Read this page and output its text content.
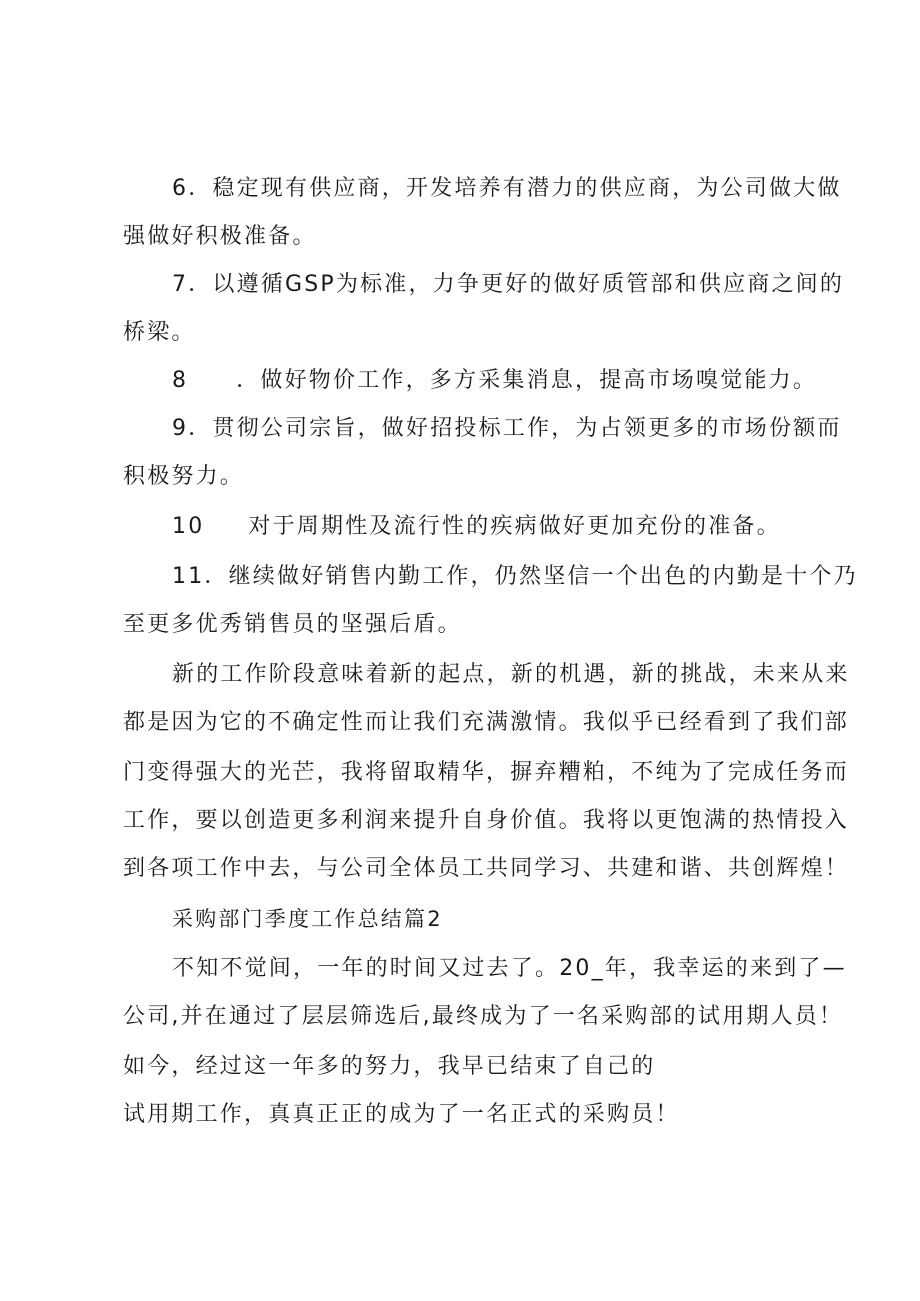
6．稳定现有供应商，开发培养有潜力的供应商，为公司做大做
强做好积极准备。
7．以遵循GSP为标准，力争更好的做好质管部和供应商之间的
桥梁。
8 ．做好物价工作，多方采集消息，提高市场嗅觉能力。
9．贯彻公司宗旨，做好招投标工作，为占领更多的市场份额而
积极努力。
10 对于周期性及流行性的疾病做好更加充份的准备。
11．继续做好销售内勤工作，仍然坚信一个出色的内勤是十个乃
至更多优秀销售员的坚强后盾。
新的工作阶段意味着新的起点，新的机遇，新的挑战，未来从来
都是因为它的不确定性而让我们充满激情。我似乎已经看到了我们部
门变得强大的光芒，我将留取精华，摒弃糟粕，不纯为了完成任务而
工作，要以创造更多利润来提升自身价值。我将以更饱满的热情投入
到各项工作中去，与公司全体员工共同学习、共建和谐、共创辉煌！
采购部门季度工作总结篇2
不知不觉间，一年的时间又过去了。20_年，我幸运的来到了—
公司,并在通过了层层筛选后,最终成为了一名采购部的试用期人员！
如今，经过这一年多的努力，我早已结束了自己的
试用期工作，真真正正的成为了一名正式的采购员！
